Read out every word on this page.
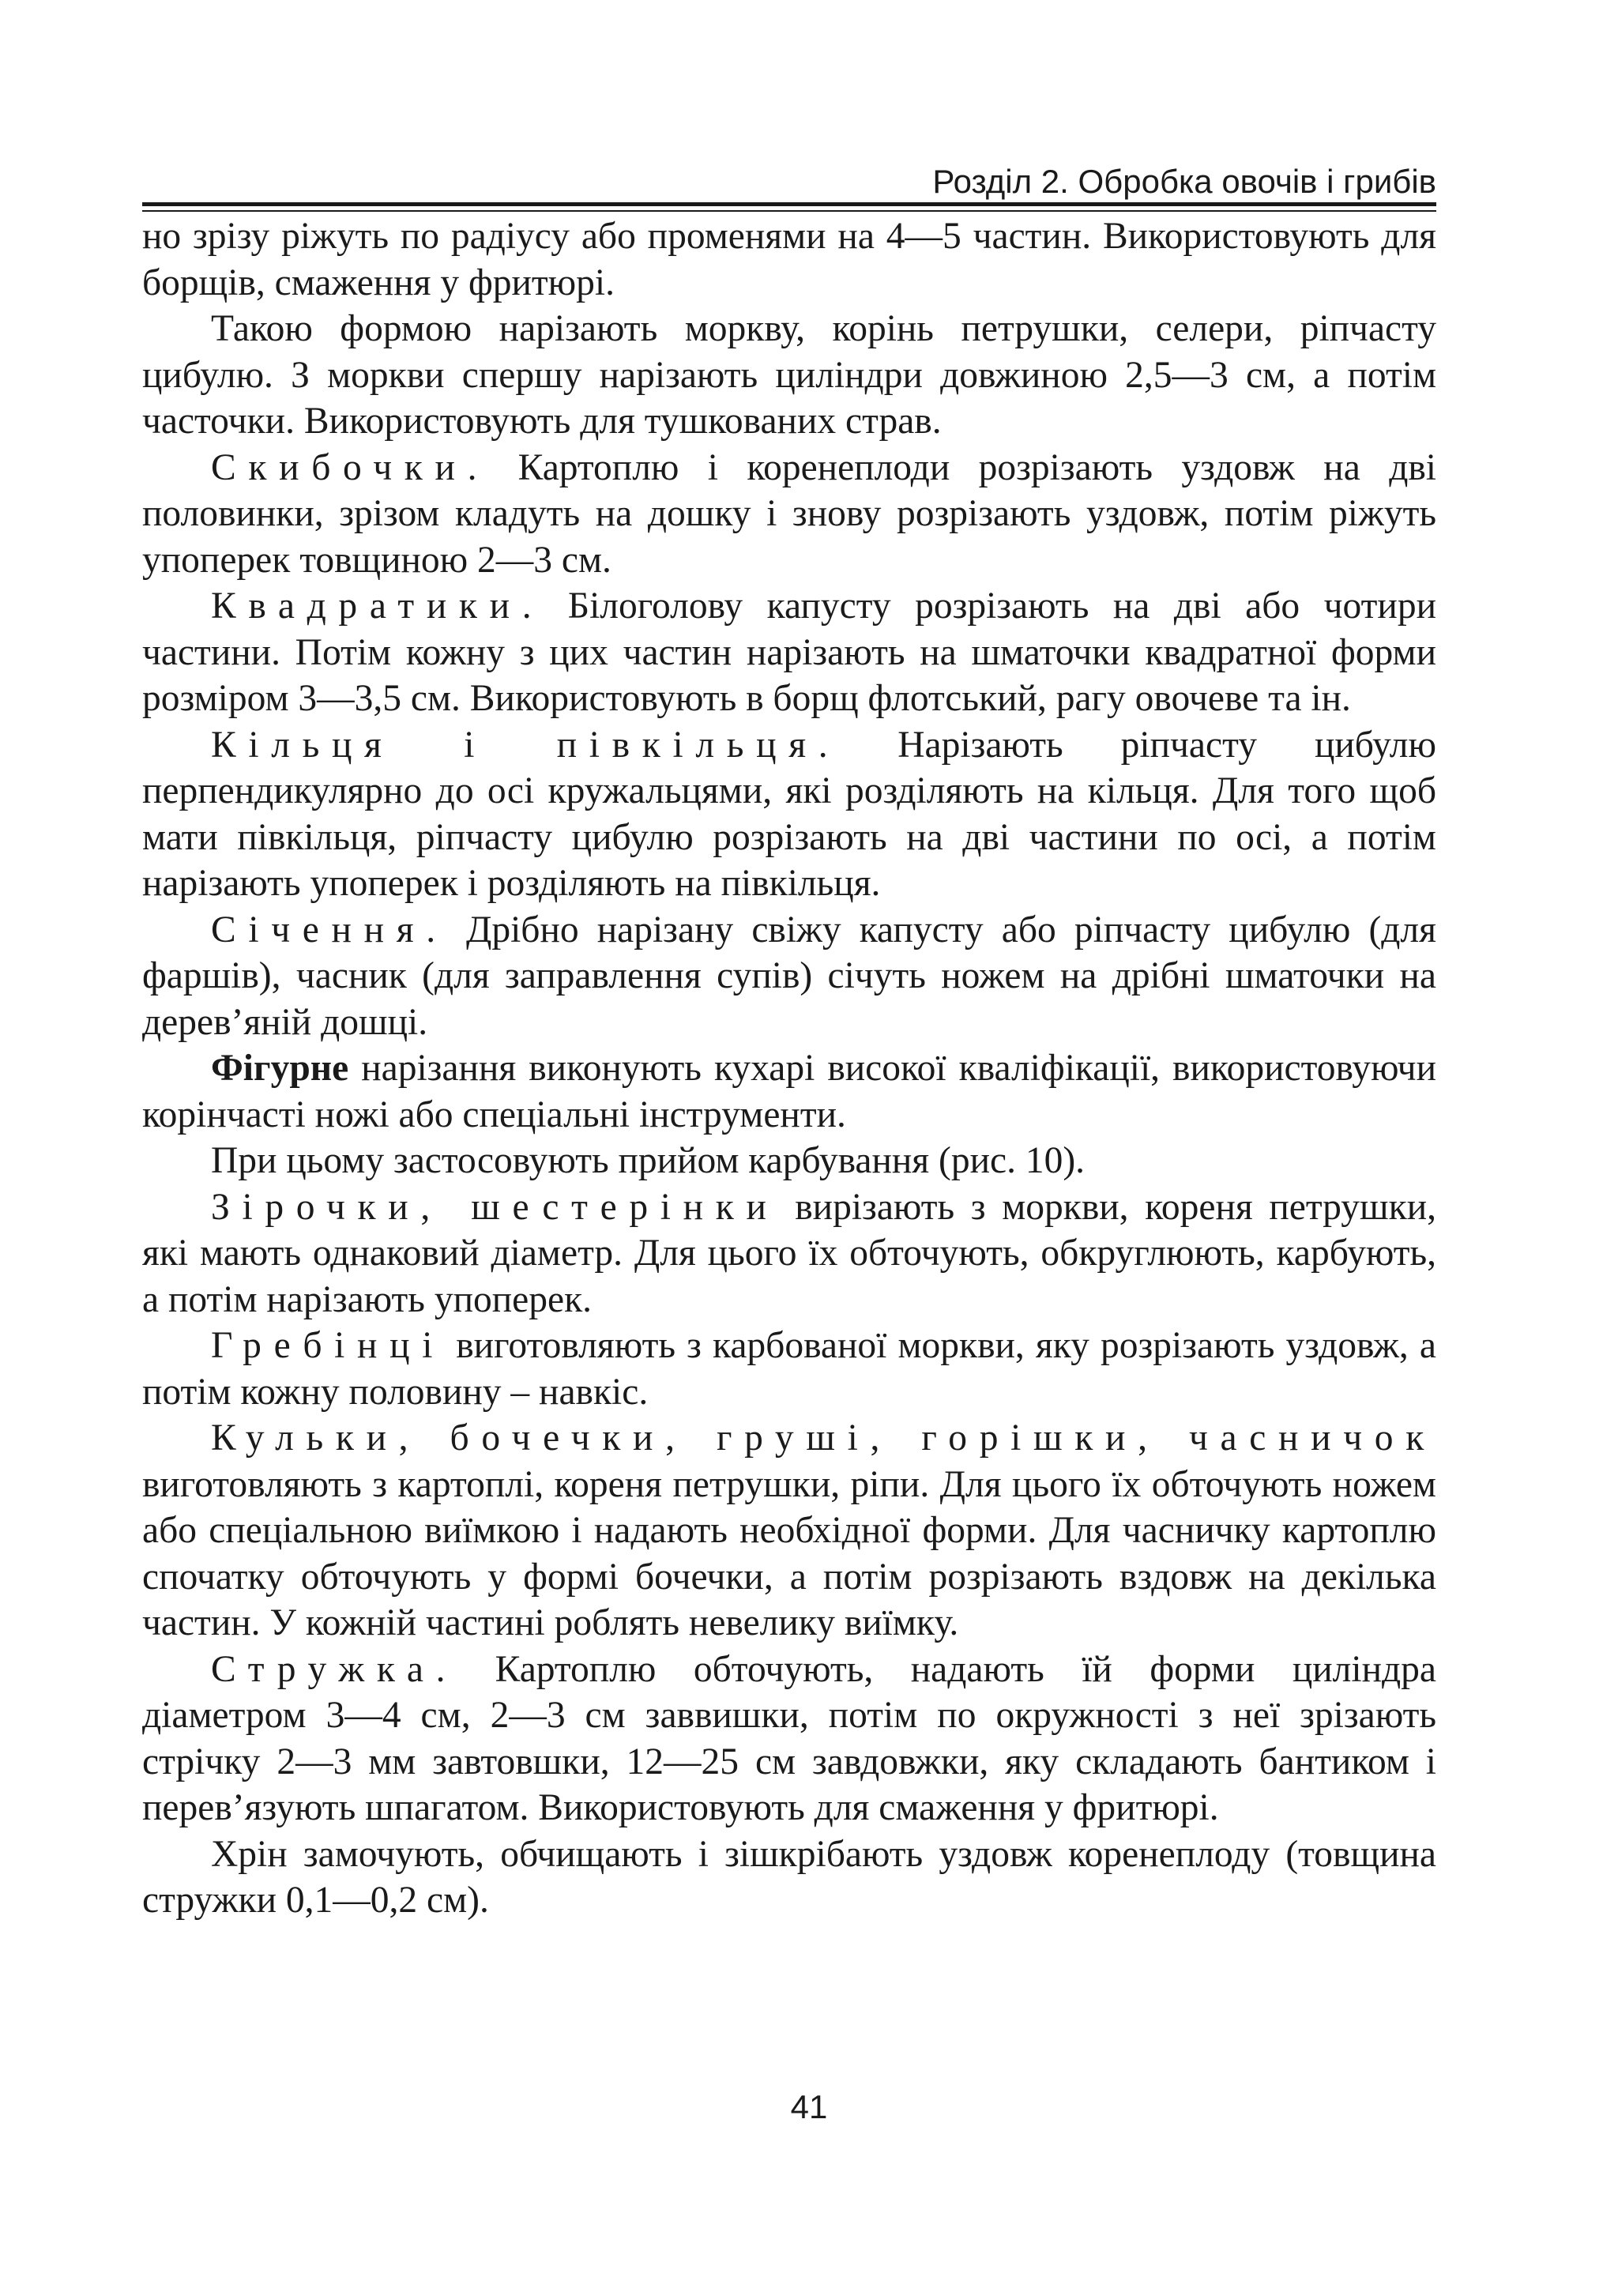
Розділ 2. Обробка овочів і грибів

но зрізу ріжуть по радіусу або променями на 4—5 частин. Використовують для борщів, смаження у фритюрі.

Такою формою нарізають моркву, корінь петрушки, селери, ріпчасту цибулю. З моркви спершу нарізають циліндри довжиною 2,5—3 см, а потім часточки. Використовують для тушкованих страв.

Скибочки. Картоплю і коренеплоди розрізають уздовж на дві половинки, зрізом кладуть на дошку і знову розрізають уздовж, потім ріжуть упоперек товщиною 2—3 см.

Квадратики. Білоголову капусту розрізають на дві або чотири частини. Потім кожну з цих частин нарізають на шматочки квадратної форми розміром 3—3,5 см. Використовують в борщ флотський, рагу овочеве та ін.

Кільця і півкільця. Нарізають ріпчасту цибулю перпендикулярно до осі кружальцями, які розділяють на кільця. Для того щоб мати півкільця, ріпчасту цибулю розрізають на дві частини по осі, а потім нарізають упоперек і розділяють на півкільця.

Січення. Дрібно нарізану свіжу капусту або ріпчасту цибулю (для фаршів), часник (для заправлення супів) січуть ножем на дрібні шматочки на дерев’яній дошці.

Фігурне нарізання виконують кухарі високої кваліфікації, використовуючи корінчасті ножі або спеціальні інструменти.

При цьому застосовують прийом карбування (рис. 10).

Зірочки, шестерінки вирізають з моркви, кореня петрушки, які мають однаковий діаметр. Для цього їх обточують, обкруглюють, карбують, а потім нарізають упоперек.

Гребінці виготовляють з карбованої моркви, яку розрізають уздовж, а потім кожну половину – навкіс.

Кульки, бочечки, груші, горішки, часничок виготовляють з картоплі, кореня петрушки, ріпи. Для цього їх обточують ножем або спеціальною виїмкою і надають необхідної форми. Для часничку картоплю спочатку обточують у формі бочечки, а потім розрізають вздовж на декілька частин. У кожній частині роблять невелику виїмку.

Стружка. Картоплю обточують, надають їй форми циліндра діаметром 3—4 см, 2—3 см заввишки, потім по окружності з неї зрізають стрічку 2—3 мм завтовшки, 12—25 см завдовжки, яку складають бантиком і перев’язують шпагатом. Використовують для смаження у фритюрі.

Хрін замочують, обчищають і зішкрібають уздовж коренеплоду (товщина стружки 0,1—0,2 см).

41
